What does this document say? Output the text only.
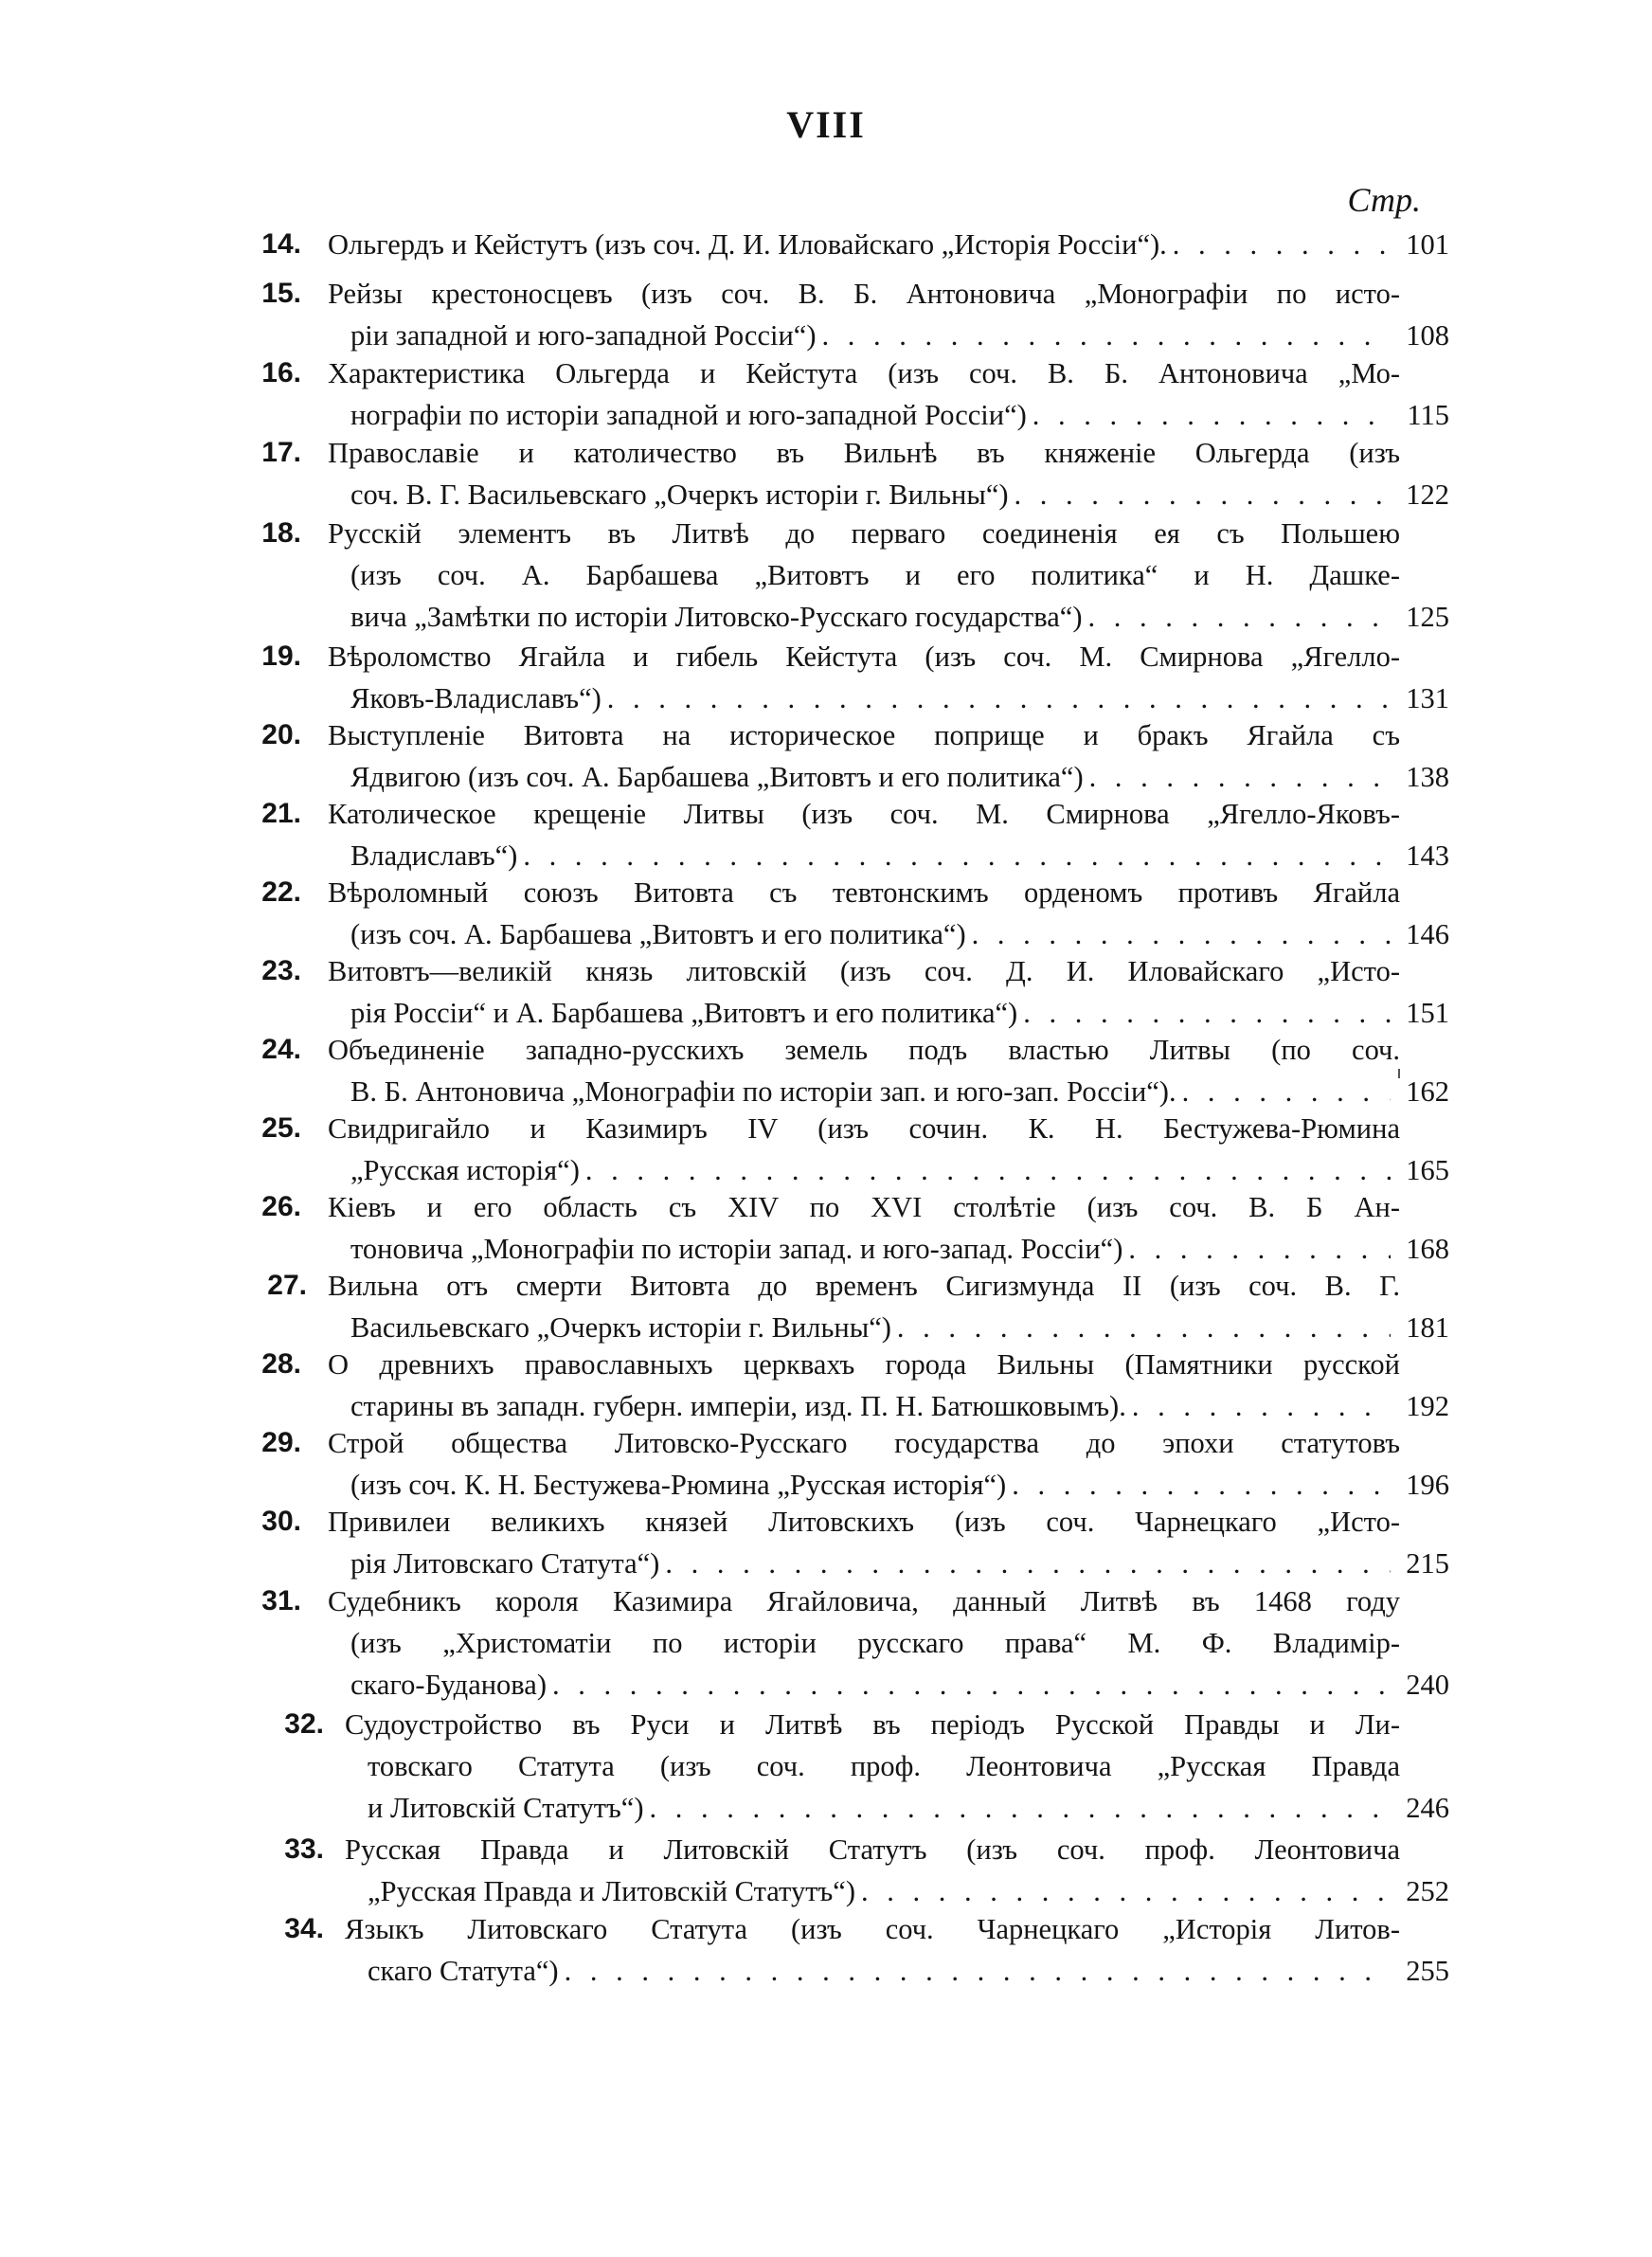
VIII
Стр.
14. Ольгердъ и Кейстутъ (изъ соч. Д. И. Иловайскаго „Исторія Россіи“). . . .	101
15. Рейзы крестоносцевъ (изъ соч. В. Б. Антоновича „Монографіи по исто-
ріи западной и юго-западной Россіи“) . . .	108
16. Характеристика Ольгерда и Кейстута (изъ соч. В. Б. Антоновича „Мо-
нографіи по исторіи западной и юго-западной Россіи“) . . .	115
17. Православіе и католичество въ Вильнѣ въ княженіе Ольгерда (изъ
соч. В. Г. Васильевскаго „Очеркъ исторіи г. Вильны“) . . .	122
18. Русскій элементъ въ Литвѣ до перваго соединенія ея съ Польшею
(изъ соч. А. Барбашева „Витовтъ и его политика“ и Н. Дашке-
вича „Замѣтки по исторіи Литовско-Русскаго государства“) . . .	125
19. Вѣроломство Ягайла и гибель Кейстута (изъ соч. М. Смирнова „Ягелло-
Яковъ-Владиславъ“) . . .	131
20. Выступленіе Витовта на историческое поприще и бракъ Ягайла съ
Ядвигою (изъ соч. А. Барбашева „Витовтъ и его политика“) . . .	138
21. Католическое крещеніе Литвы (изъ соч. М. Смирнова „Ягелло-Яковъ-
Владиславъ“) . . .	143
22. Вѣроломный союзъ Витовта съ тевтонскимъ орденомъ противъ Ягайла
(изъ соч. А. Барбашева „Витовтъ и его политика“) . . .	146
23. Витовтъ—великій князь литовскій (изъ соч. Д. И. Иловайскаго „Исто-
рія Россіи“ и А. Барбашева „Витовтъ и его политика“) . . .	151
24. Объединеніе западно-русскихъ земель подъ властью Литвы (по соч.
В. Б. Антоновича „Монографіи по исторіи зап. и юго-зап. Россіи“). . . .	162
25. Свидригайло и Казимиръ IV (изъ сочин. К. Н. Бестужева-Рюмина
„Русская исторія“) . . .	165
26. Кіевъ и его область съ XIV по XVI столѣтіе (изъ соч. В. Б Ан-
тоновича „Монографіи по исторіи запад. и юго-запад. Россіи“) . . .	168
27. Вильна отъ смерти Витовта до временъ Сигизмунда II (изъ соч. В. Г.
Васильевскаго „Очеркъ исторіи г. Вильны“) . . .	181
28. О древнихъ православныхъ церквахъ города Вильны (Памятники русской
старины въ западн. губерн. имперіи, изд. П. Н. Батюшковымъ). . . .	192
29. Строй общества Литовско-Русскаго государства до эпохи статутовъ
(изъ соч. К. Н. Бестужева-Рюмина „Русская исторія“) . . .	196
30. Привилеи великихъ князей Литовскихъ (изъ соч. Чарнецкаго „Исто-
рія Литовскаго Статута“) . . .	215
31. Судебникъ короля Казимира Ягайловича, данный Литвѣ въ 1468 году
(изъ „Христоматіи по исторіи русскаго права“ М. Ф. Владимір-
скаго-Буданова) . . .	240
32. Судоустройство въ Руси и Литвѣ въ періодъ Русской Правды и Ли-
товскаго Статута (изъ соч. проф. Леонтовича „Русская Правда
и Литовскій Статутъ“) . . .	246
33. Русская Правда и Литовскій Статутъ (изъ соч. проф. Леонтовича
„Русская Правда и Литовскій Статутъ“) . . .	252
34. Языкъ Литовскаго Статута (изъ соч. Чарнецкаго „Исторія Литов-
скаго Статута“) . . .	255
